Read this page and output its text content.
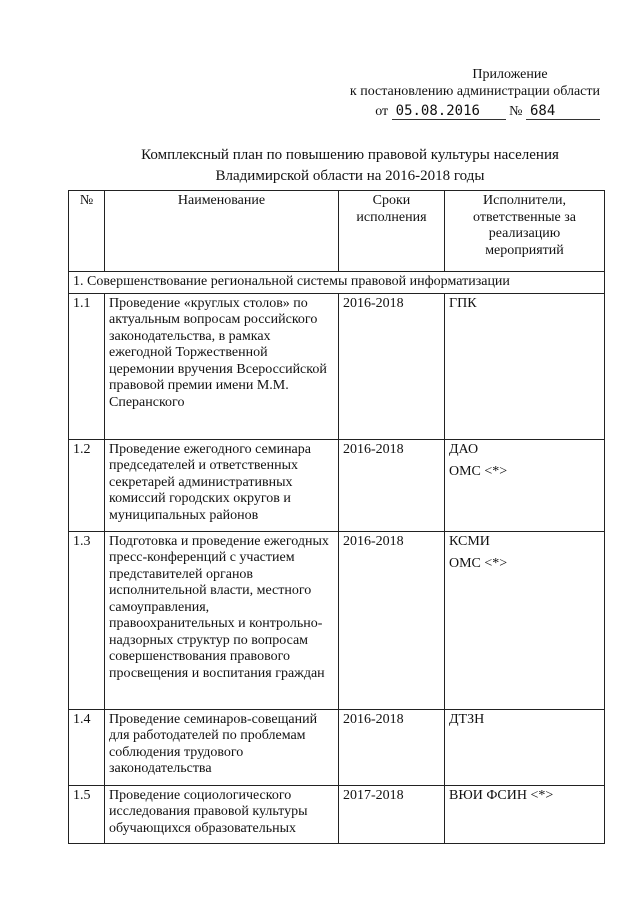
Приложение
к постановлению администрации области
от 05.08.2016 № 684
Комплексный план по повышению правовой культуры населения
Владимирской области на 2016-2018 годы
№	Наименование	Сроки исполнения	Исполнители, ответственные за реализацию мероприятий
1. Совершенствование региональной системы правовой информатизации			
1.1	Проведение «круглых столов» по актуальным вопросам российского законодательства, в рамках ежегодной Торжественной церемонии вручения Всероссийской правовой премии имени М.М. Сперанского	2016-2018	ГПК

1.2	Проведение ежегодного семинара председателей и ответственных секретарей административных комиссий городских округов и муниципальных районов	2016-2018	ДАО
ОМС <*>

1.3	Подготовка и проведение ежегодных пресс-конференций с участием представителей органов исполнительной власти, местного самоуправления, правоохранительных и контрольно-надзорных структур по вопросам совершенствования правового просвещения и воспитания граждан	2016-2018	КСМИ
ОМС <*>

1.4	Проведение семинаров-совещаний для работодателей по проблемам соблюдения трудового законодательства	2016-2018	ДТЗН

1.5	Проведение социологического исследования правовой культуры обучающихся образовательных	2017-2018	ВЮИ ФСИН <*>
